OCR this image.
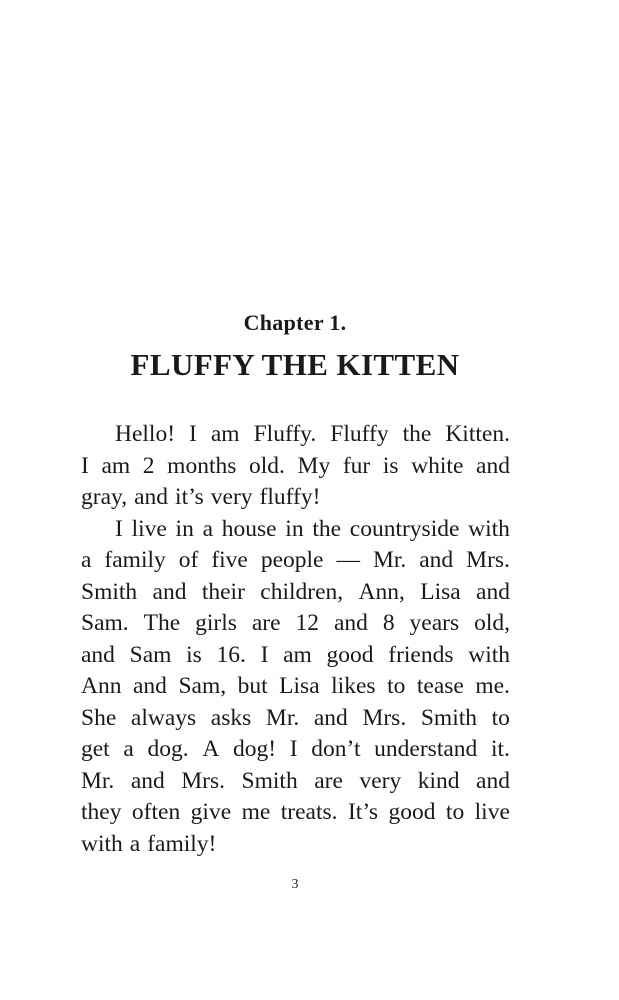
Chapter 1.
FLUFFY THE KITTEN
Hello! I am Fluffy. Fluffy the Kitten.
I am 2 months old. My fur is white and
gray, and it’s very fluffy!
I live in a house in the countryside with
a family of five people — Mr. and Mrs.
Smith and their children, Ann, Lisa and
Sam. The girls are 12 and 8 years old,
and Sam is 16. I am good friends with
Ann and Sam, but Lisa likes to tease me.
She always asks Mr. and Mrs. Smith to
get a dog. A dog! I don’t understand it.
Mr. and Mrs. Smith are very kind and
they often give me treats. It’s good to live
with a family!
3
